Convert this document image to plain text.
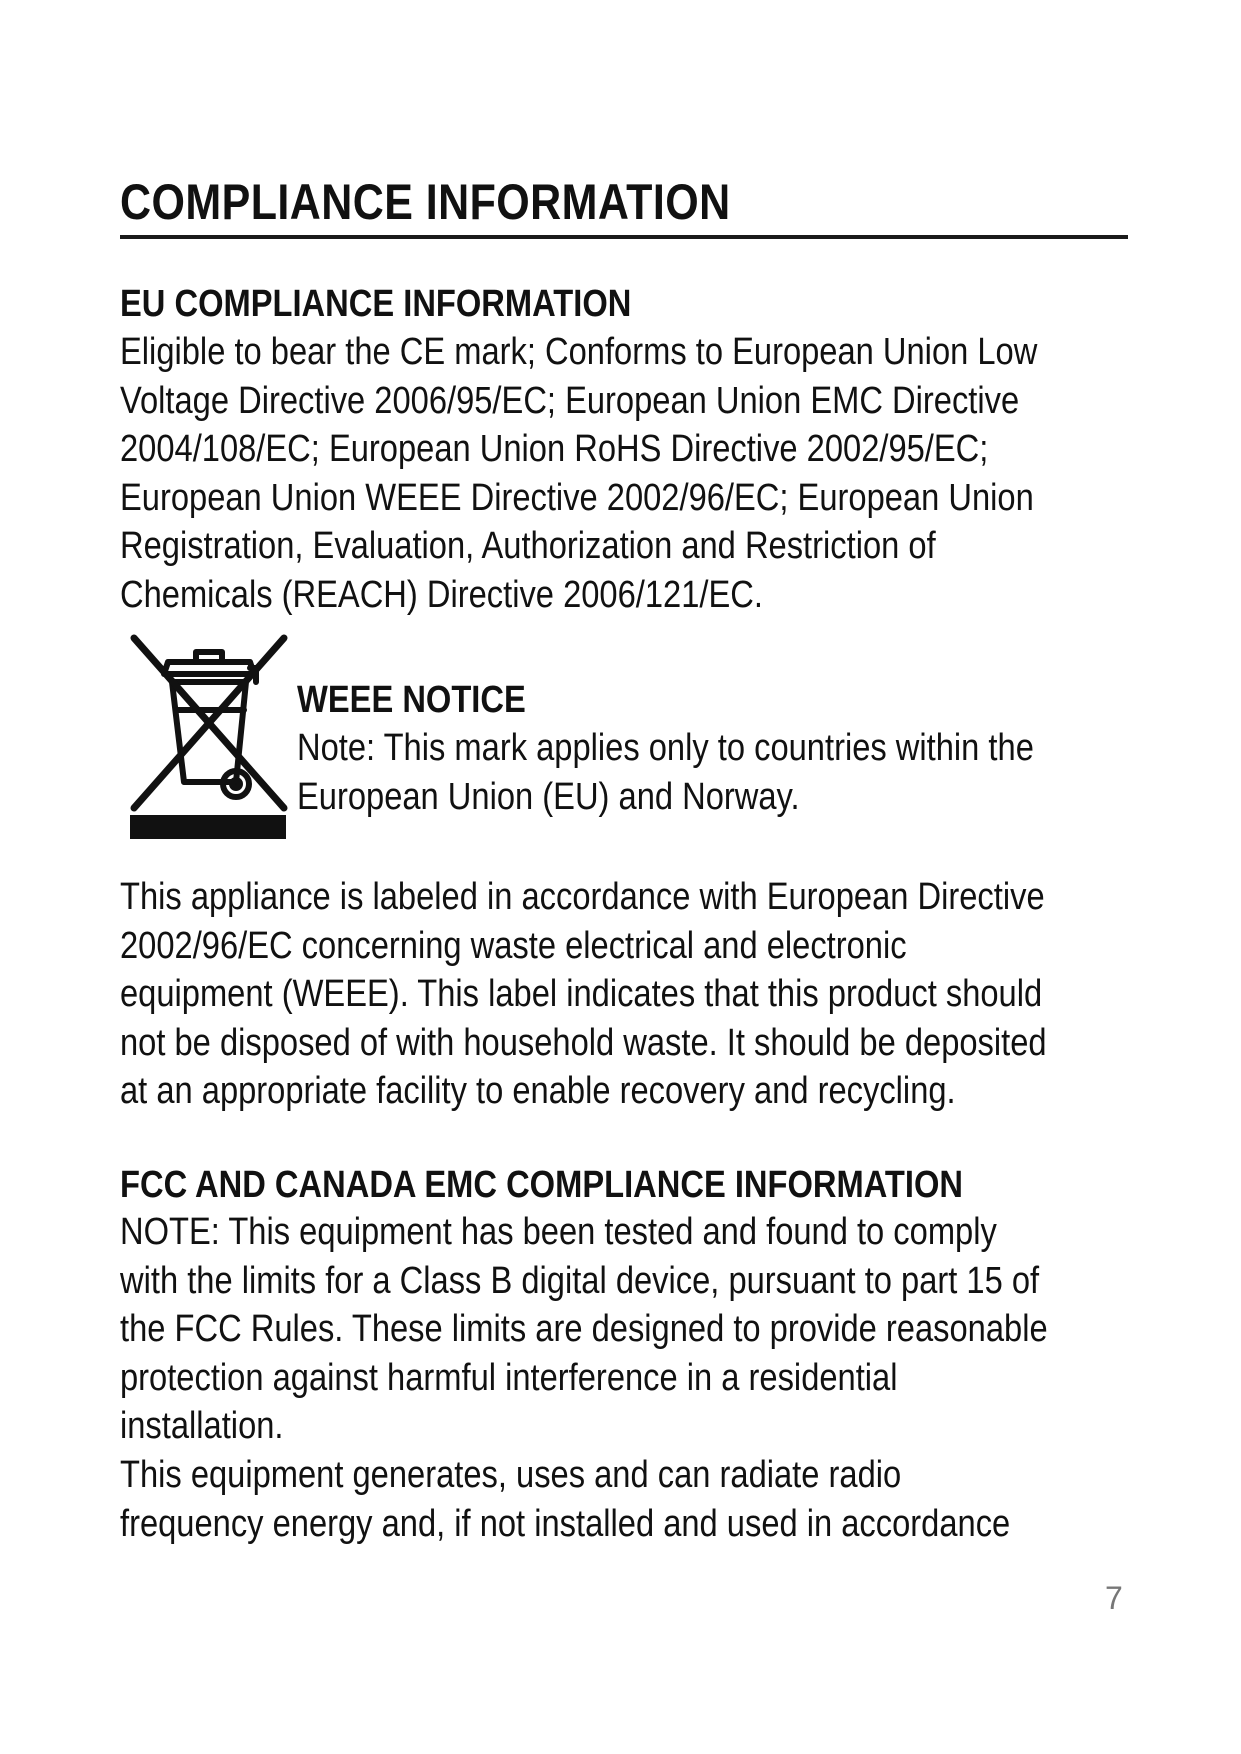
COMPLIANCE INFORMATION
EU COMPLIANCE INFORMATION

Eligible to bear the CE mark; Conforms to European Union Low
Voltage Directive 2006/95/EC; European Union EMC Directive
2004/108/EC; European Union RoHS Directive 2002/95/EC;
European Union WEEE Directive 2002/96/EC; European Union
Registration, Evaluation, Authorization and Restriction of
Chemicals (REACH) Directive 2006/121/EC.

WEEE NOTICE

Note: This mark applies only to countries within the
European Union (EU) and Norway.

This appliance is labeled in accordance with European Directive
2002/96/EC concerning waste electrical and electronic
equipment (WEEE). This label indicates that this product should
not be disposed of with household waste. It should be deposited
at an appropriate facility to enable recovery and recycling.

FCC AND CANADA EMC COMPLIANCE INFORMATION

NOTE: This equipment has been tested and found to comply
with the limits for a Class B digital device, pursuant to part 15 of
the FCC Rules. These limits are designed to provide reasonable
protection against harmful interference in a residential
installation.
This equipment generates, uses and can radiate radio
frequency energy and, if not installed and used in accordance

7
